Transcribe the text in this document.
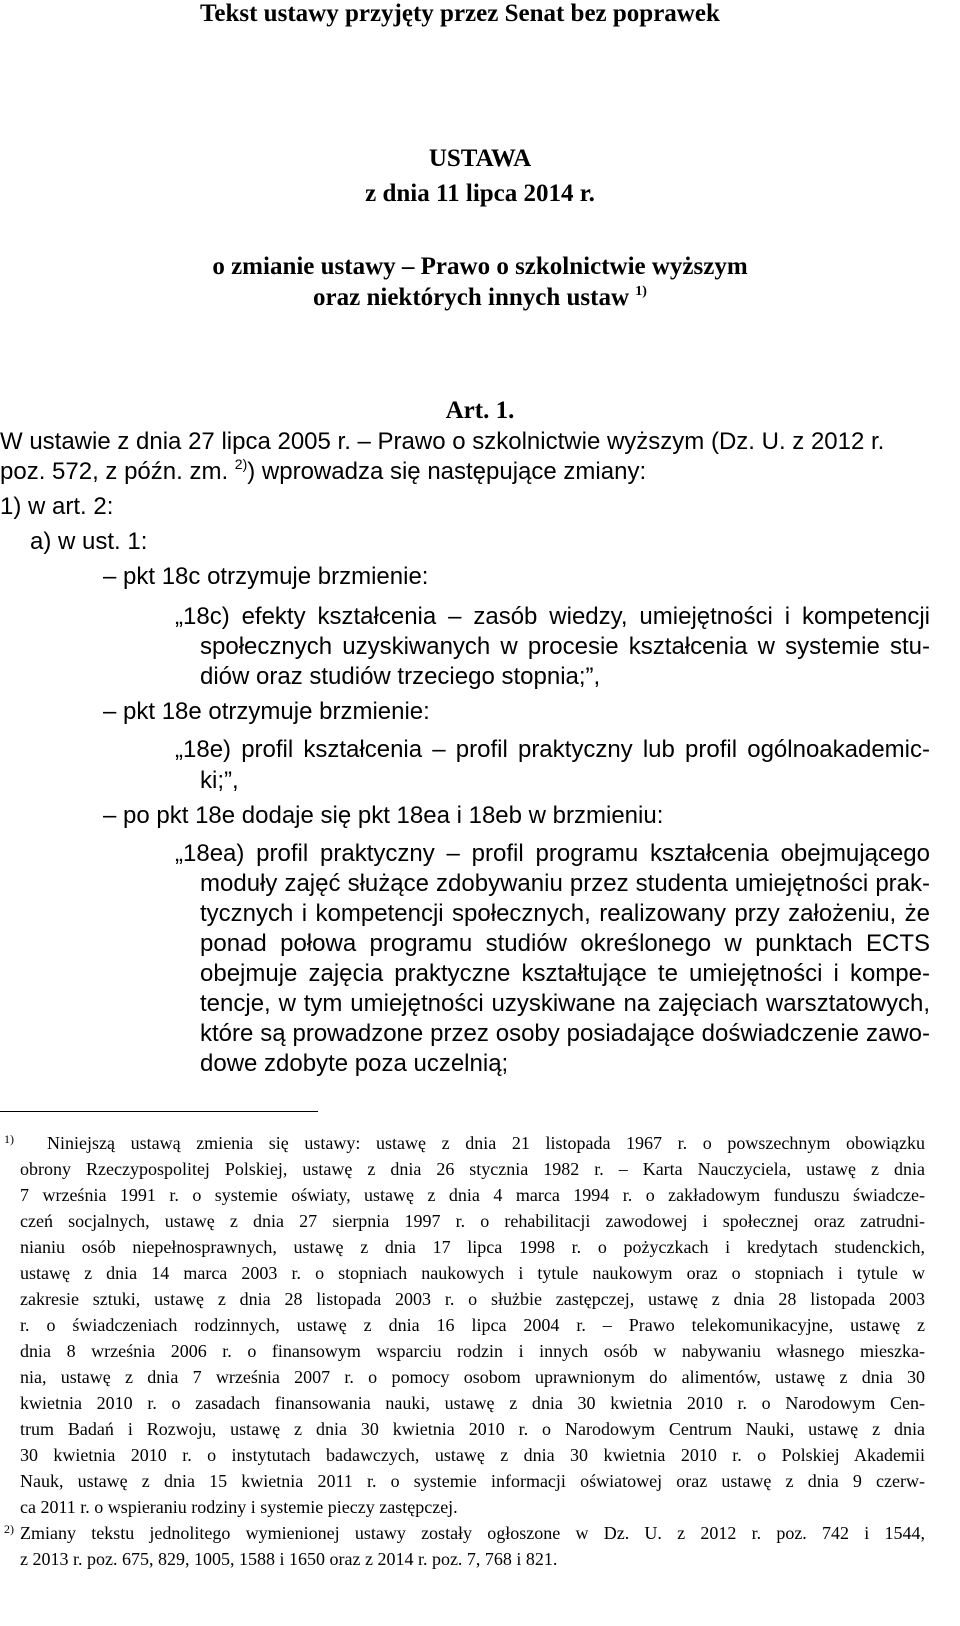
Tekst ustawy przyjęty przez Senat bez poprawek
USTAWA
z dnia 11 lipca 2014 r.
o zmianie ustawy – Prawo o szkolnictwie wyższym
oraz niektórych innych ustaw $^{1)}$
Art. 1.
W ustawie z dnia 27 lipca 2005 r. – Prawo o szkolnictwie wyższym (Dz. U. z 2012 r.
poz. 572, z późn. zm. $^{2)}$) wprowadza się następujące zmiany:
1) w art. 2:
a) w ust. 1:
– pkt 18c otrzymuje brzmienie:
„18c) efekty kształcenia – zasób wiedzy, umiejętności i kompetencji
społecznych uzyskiwanych w procesie kształcenia w systemie stu-
diów oraz studiów trzeciego stopnia;”,
– pkt 18e otrzymuje brzmienie:
„18e) profil kształcenia – profil praktyczny lub profil ogólnoakademic-
ki;”,
– po pkt 18e dodaje się pkt 18ea i 18eb w brzmieniu:
„18ea) profil praktyczny – profil programu kształcenia obejmującego
moduły zajęć służące zdobywaniu przez studenta umiejętności prak-
tycznych i kompetencji społecznych, realizowany przy założeniu, że
ponad połowa programu studiów określonego w punktach ECTS
obejmuje zajęcia praktyczne kształtujące te umiejętności i kompe-
tencje, w tym umiejętności uzyskiwane na zajęciach warsztatowych,
które są prowadzone przez osoby posiadające doświadczenie zawo-
dowe zdobyte poza uczelnią;
1)	Niniejszą ustawą zmienia się ustawy: ustawę z dnia 21 listopada 1967 r. o powszechnym obowiązku
obrony Rzeczypospolitej Polskiej, ustawę z dnia 26 stycznia 1982 r. – Karta Nauczyciela, ustawę z dnia
7 września 1991 r. o systemie oświaty, ustawę z dnia 4 marca 1994 r. o zakładowym funduszu świadcze-
czeń socjalnych, ustawę z dnia 27 sierpnia 1997 r. o rehabilitacji zawodowej i społecznej oraz zatrudni-
nianiu osób niepełnosprawnych, ustawę z dnia 17 lipca 1998 r. o pożyczkach i kredytach studenckich,
ustawę z dnia 14 marca 2003 r. o stopniach naukowych i tytule naukowym oraz o stopniach i tytule w
zakresie sztuki, ustawę z dnia 28 listopada 2003 r. o służbie zastępczej, ustawę z dnia 28 listopada 2003
r. o świadczeniach rodzinnych, ustawę z dnia 16 lipca 2004 r. – Prawo telekomunikacyjne, ustawę z
dnia 8 września 2006 r. o finansowym wsparciu rodzin i innych osób w nabywaniu własnego mieszka-
nia, ustawę z dnia 7 września 2007 r. o pomocy osobom uprawnionym do alimentów, ustawę z dnia 30
kwietnia 2010 r. o zasadach finansowania nauki, ustawę z dnia 30 kwietnia 2010 r. o Narodowym Cen-
trum Badań i Rozwoju, ustawę z dnia 30 kwietnia 2010 r. o Narodowym Centrum Nauki, ustawę z dnia
30 kwietnia 2010 r. o instytutach badawczych, ustawę z dnia 30 kwietnia 2010 r. o Polskiej Akademii
Nauk, ustawę z dnia 15 kwietnia 2011 r. o systemie informacji oświatowej oraz ustawę z dnia 9 czerw-
ca 2011 r. o wspieraniu rodziny i systemie pieczy zastępczej.
2) Zmiany tekstu jednolitego wymienionej ustawy zostały ogłoszone w Dz. U. z 2012 r. poz. 742 i 1544,
z 2013 r. poz. 675, 829, 1005, 1588 i 1650 oraz z 2014 r. poz. 7, 768 i 821.
